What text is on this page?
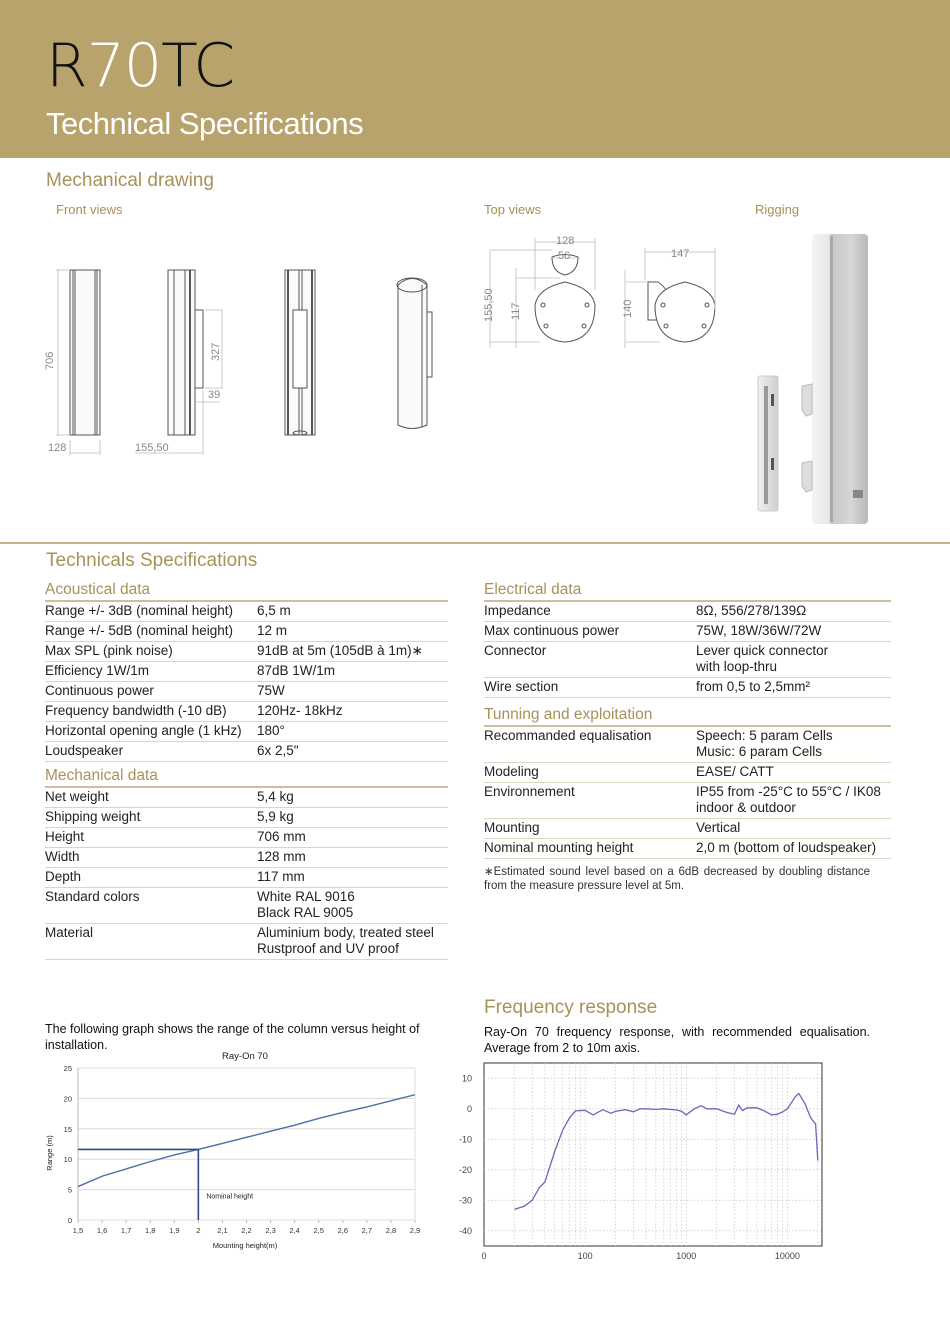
R70TC
Technical Specifications
Mechanical drawing
Front views	Top views	Rigging
706
128	155,50
327
39
128
56
155,50 117	140
147
Technicals Specifications
Acoustical data
Range +/- 3dB (nominal height)	6,5 m
Range +/- 5dB (nominal height)	12 m
Max SPL (pink noise)	91dB at 5m (105dB à 1m)∗
Efficiency 1W/1m	87dB 1W/1m
Continuous power	75W
Frequency bandwidth (-10 dB)	120Hz- 18kHz
Horizontal opening angle (1 kHz)	180°
Loudspeaker	6x 2,5"
Mechanical data
Net weight	5,4 kg
Shipping weight	5,9 kg
Height	706 mm
Width	128 mm
Depth	117 mm
Standard colors	White RAL 9016
Black RAL 9005

Material	Aluminium body, treated steel
Rustproof and UV proof
Electrical data
Impedance	8Ω, 556/278/139Ω
Max continuous power	75W, 18W/36W/72W
Connector	Lever quick connector
with loop-thru

Wire section	from 0,5 to 2,5mm²
Tunning and exploitation
Recommanded equalisation	Speech: 5 param Cells
Music: 6 param Cells

Modeling	EASE/ CATT
Environnement	IP55 from -25°C to 55°C / IK08
indoor & outdoor

Mounting	Vertical
Nominal mounting height	2,0 m (bottom of loudspeaker)
∗Estimated sound level based on a 6dB decreased by doubling distance from the measure pressure level at 5m.
The following graph shows the range of the column versus height of installation.
Ray-On 70
0
5
10
15
20
25
1,5 1,6 1,7 1,8 1,9 2 2,1 2,2 2,3 2,4 2,5 2,6 2,7 2,8 2,9
Nominal height
Mounting height(m)
Range (m)
Frequency response
Ray-On 70 frequency response, with recommended equalisation. Average from 2 to 10m axis.
10
0
-10
-20
-30
-40
0	100	1000	10000
